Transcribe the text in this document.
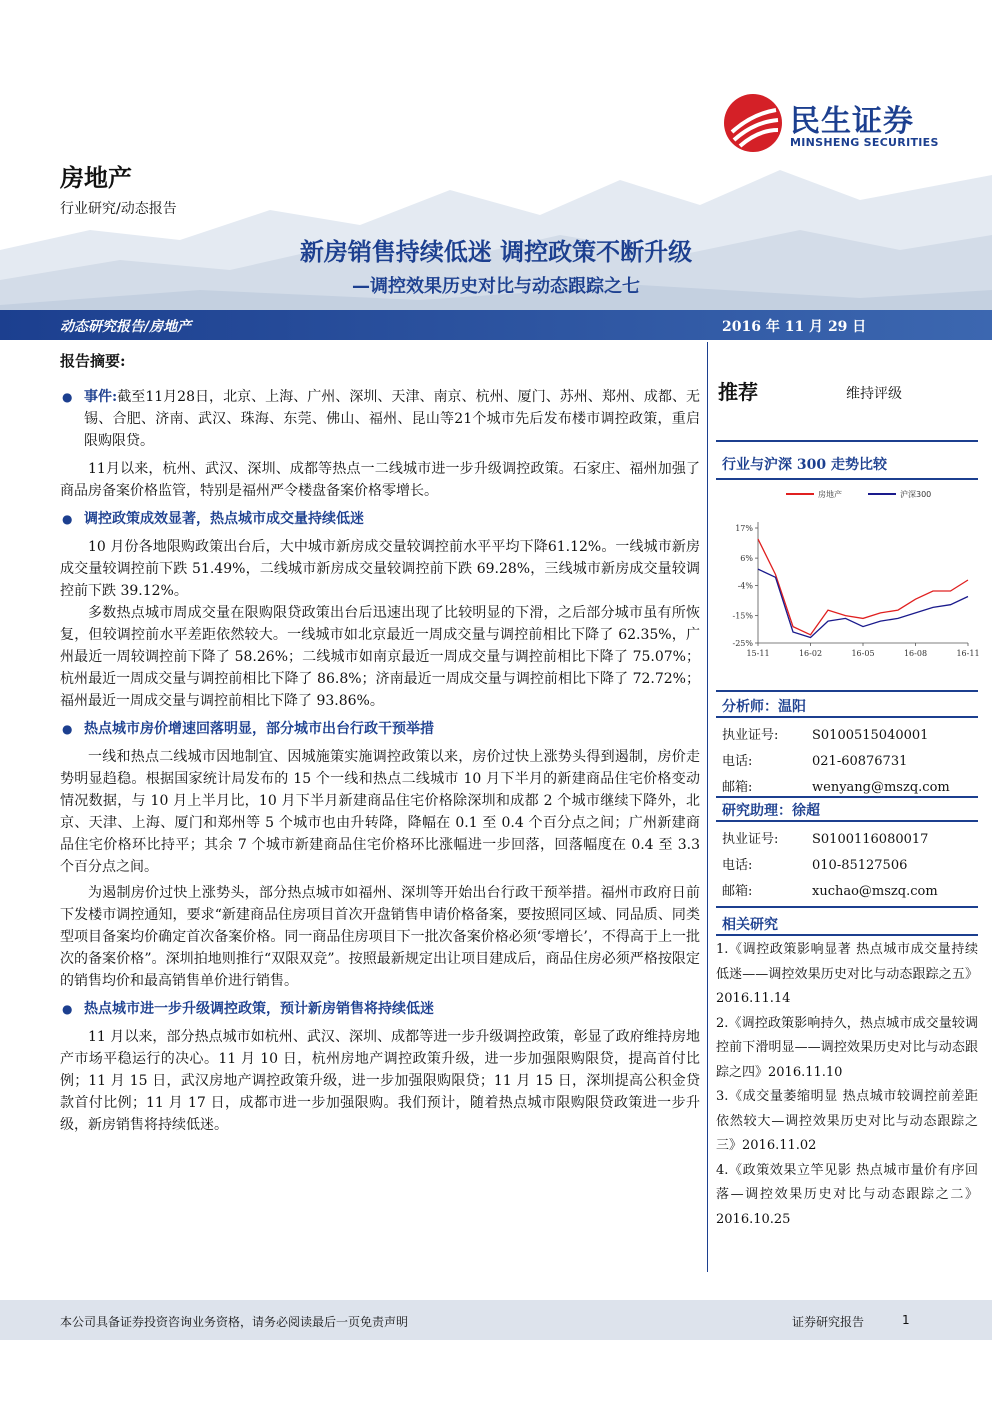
民生证券
MINSHENG SECURITIES
房地产
行业研究/动态报告
新房销售持续低迷 调控政策不断升级
—调控效果历史对比与动态跟踪之七
动态研究报告/房地产	2016 年 11 月 29 日
报告摘要:
● 事件:截至11月28日，北京、上海、广州、深圳、天津、南京、杭州、厦门、苏州、郑州、成都、无锡、合肥、济南、武汉、珠海、东莞、佛山、福州、昆山等21个城市先后发布楼市调控政策，重启限购限贷。

11月以来，杭州、武汉、深圳、成都等热点一二线城市进一步升级调控政策。石家庄、福州加强了商品房备案价格监管，特别是福州严令楼盘备案价格零增长。

● 调控政策成效显著，热点城市成交量持续低迷

10 月份各地限购政策出台后，大中城市新房成交量较调控前水平平均下降61.12%。一线城市新房成交量较调控前下跌 51.49%，二线城市新房成交量较调控前下跌 69.28%，三线城市新房成交量较调控前下跌 39.12%。

多数热点城市周成交量在限购限贷政策出台后迅速出现了比较明显的下滑，之后部分城市虽有所恢复，但较调控前水平差距依然较大。一线城市如北京最近一周成交量与调控前相比下降了 62.35%，广州最近一周较调控前下降了 58.26%；二线城市如南京最近一周成交量与调控前相比下降了 75.07%；杭州最近一周成交量与调控前相比下降了 86.8%；济南最近一周成交量与调控前相比下降了 72.72%；福州最近一周成交量与调控前相比下降了 93.86%。

● 热点城市房价增速回落明显，部分城市出台行政干预举措

一线和热点二线城市因地制宜、因城施策实施调控政策以来，房价过快上涨势头得到遏制，房价走势明显趋稳。根据国家统计局发布的 15 个一线和热点二线城市 10 月下半月的新建商品住宅价格变动情况数据，与 10 月上半月比，10 月下半月新建商品住宅价格除深圳和成都 2 个城市继续下降外，北京、天津、上海、厦门和郑州等 5 个城市也由升转降，降幅在 0.1 至 0.4 个百分点之间；广州新建商品住宅价格环比持平；其余 7 个城市新建商品住宅价格环比涨幅进一步回落，回落幅度在 0.4 至 3.3 个百分点之间。

为遏制房价过快上涨势头，部分热点城市如福州、深圳等开始出台行政干预举措。福州市政府日前下发楼市调控通知，要求“新建商品住房项目首次开盘销售申请价格备案，要按照同区域、同品质、同类型项目备案均价确定首次备案价格。同一商品住房项目下一批次备案价格必须‘零增长’，不得高于上一批次的备案价格”。深圳拍地则推行“双限双竞”。按照最新规定出让项目建成后，商品住房必须严格按限定的销售均价和最高销售单价进行销售。

● 热点城市进一步升级调控政策，预计新房销售将持续低迷

11 月以来，部分热点城市如杭州、武汉、深圳、成都等进一步升级调控政策，彰显了政府维持房地产市场平稳运行的决心。11 月 10 日，杭州房地产调控政策升级，进一步加强限购限贷，提高首付比例；11 月 15 日，武汉房地产调控政策升级，进一步加强限购限贷；11 月 15 日，深圳提高公积金贷款首付比例；11 月 17 日，成都市进一步加强限购。我们预计，随着热点城市限购限贷政策进一步升级，新房销售将持续低迷。

推荐	维持评级
行业与沪深 300 走势比较
房地产	沪深300
17%
6%
-4%
-15%
-25%
15-11	16-02	16-05	16-08	16-11
分析师：温阳
执业证号:	S0100515040001
电话:	021-60876731
邮箱:	wenyang@mszq.com
研究助理：徐超
执业证号:	S0100116080017
电话:	010-85127506
邮箱:	xuchao@mszq.com
相关研究

1.《调控政策影响显著 热点城市成交量持续低迷——调控效果历史对比与动态跟踪之五》2016.11.14

2.《调控政策影响持久，热点城市成交量较调控前下滑明显——调控效果历史对比与动态跟踪之四》2016.11.10

3.《成交量萎缩明显 热点城市较调控前差距依然较大—调控效果历史对比与动态跟踪之三》2016.11.02

4.《政策效果立竿见影 热点城市量价有序回落—调控效果历史对比与动态跟踪之二》2016.10.25

本公司具备证券投资咨询业务资格，请务必阅读最后一页免责声明	证券研究报告	1
